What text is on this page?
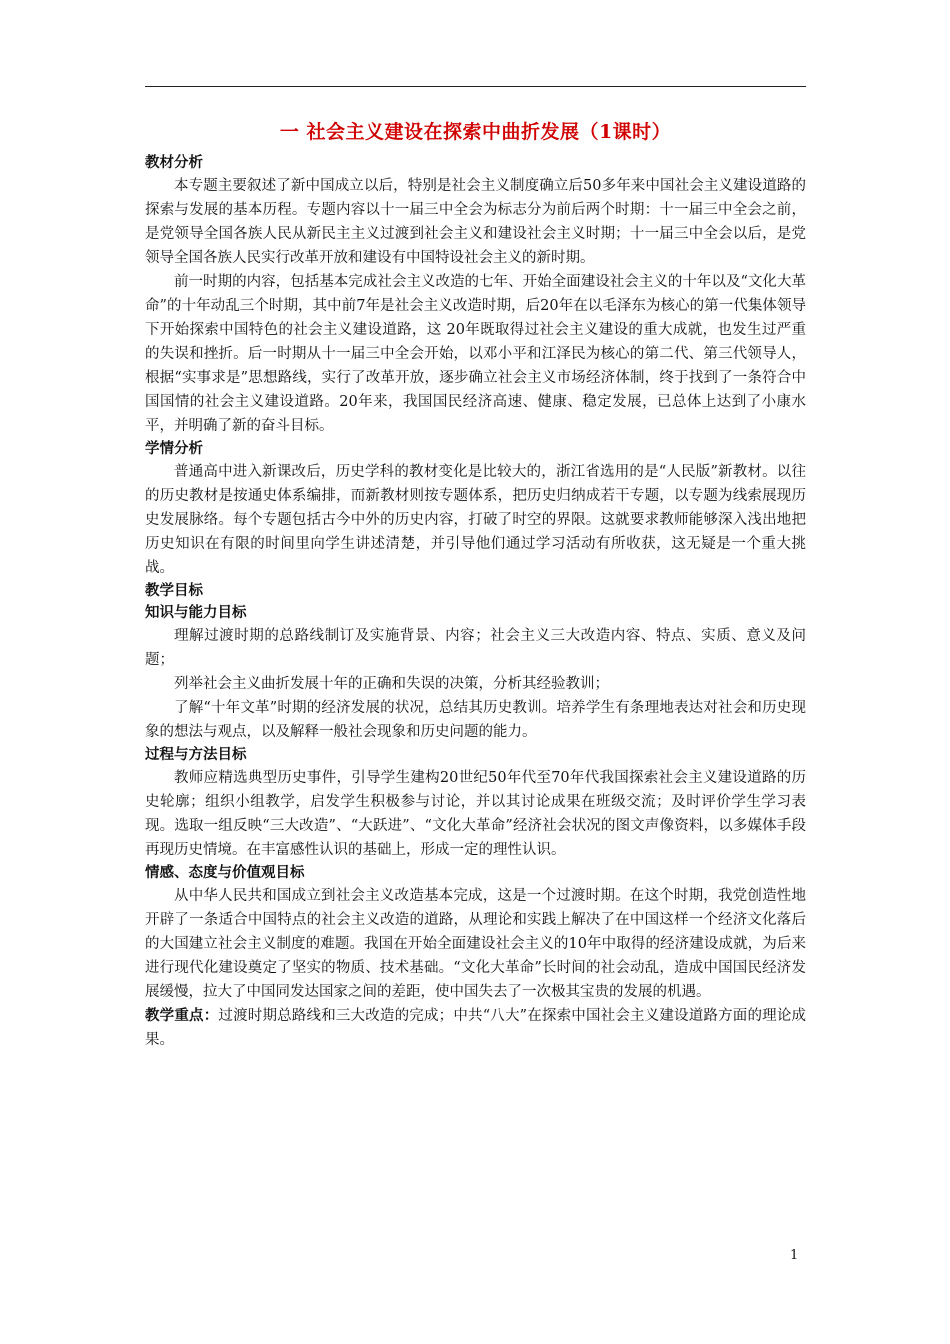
一 社会主义建设在探索中曲折发展（1课时）
教材分析

本专题主要叙述了新中国成立以后，特别是社会主义制度确立后50多年来中国社会主义建设道路的探索与发展的基本历程。专题内容以十一届三中全会为标志分为前后两个时期：十一届三中全会之前，是党领导全国各族人民从新民主主义过渡到社会主义和建设社会主义时期；十一届三中全会以后，是党领导全国各族人民实行改革开放和建设有中国特设社会主义的新时期。

前一时期的内容，包括基本完成社会主义改造的七年、开始全面建设社会主义的十年以及“文化大革命”的十年动乱三个时期，其中前7年是社会主义改造时期，后20年在以毛泽东为核心的第一代集体领导下开始探索中国特色的社会主义建设道路，这 20年既取得过社会主义建设的重大成就，也发生过严重的失误和挫折。后一时期从十一届三中全会开始，以邓小平和江泽民为核心的第二代、第三代领导人，根据“实事求是”思想路线，实行了改革开放，逐步确立社会主义市场经济体制，终于找到了一条符合中国国情的社会主义建设道路。20年来，我国国民经济高速、健康、稳定发展，已总体上达到了小康水平，并明确了新的奋斗目标。

学情分析

普通高中进入新课改后，历史学科的教材变化是比较大的，浙江省选用的是“人民版”新教材。以往的历史教材是按通史体系编排，而新教材则按专题体系，把历史归纳成若干专题，以专题为线索展现历史发展脉络。每个专题包括古今中外的历史内容，打破了时空的界限。这就要求教师能够深入浅出地把历史知识在有限的时间里向学生讲述清楚，并引导他们通过学习活动有所收获，这无疑是一个重大挑战。

教学目标
知识与能力目标

理解过渡时期的总路线制订及实施背景、内容；社会主义三大改造内容、特点、实质、意义及问题；

列举社会主义曲折发展十年的正确和失误的决策，分析其经验教训；

了解“十年文革”时期的经济发展的状况，总结其历史教训。培养学生有条理地表达对社会和历史现象的想法与观点，以及解释一般社会现象和历史问题的能力。

过程与方法目标

教师应精选典型历史事件，引导学生建构20世纪50年代至70年代我国探索社会主义建设道路的历史轮廓；组织小组教学，启发学生积极参与讨论，并以其讨论成果在班级交流；及时评价学生学习表现。选取一组反映“三大改造”、“大跃进”、“文化大革命”经济社会状况的图文声像资料，以多媒体手段再现历史情境。在丰富感性认识的基础上，形成一定的理性认识。

情感、态度与价值观目标

从中华人民共和国成立到社会主义改造基本完成，这是一个过渡时期。在这个时期，我党创造性地开辟了一条适合中国特点的社会主义改造的道路，从理论和实践上解决了在中国这样一个经济文化落后的大国建立社会主义制度的难题。我国在开始全面建设社会主义的10年中取得的经济建设成就，为后来进行现代化建设奠定了坚实的物质、技术基础。“文化大革命”长时间的社会动乱，造成中国国民经济发展缓慢，拉大了中国同发达国家之间的差距，使中国失去了一次极其宝贵的发展的机遇。

教学重点：过渡时期总路线和三大改造的完成；中共“八大”在探索中国社会主义建设道路方面的理论成果。

1
